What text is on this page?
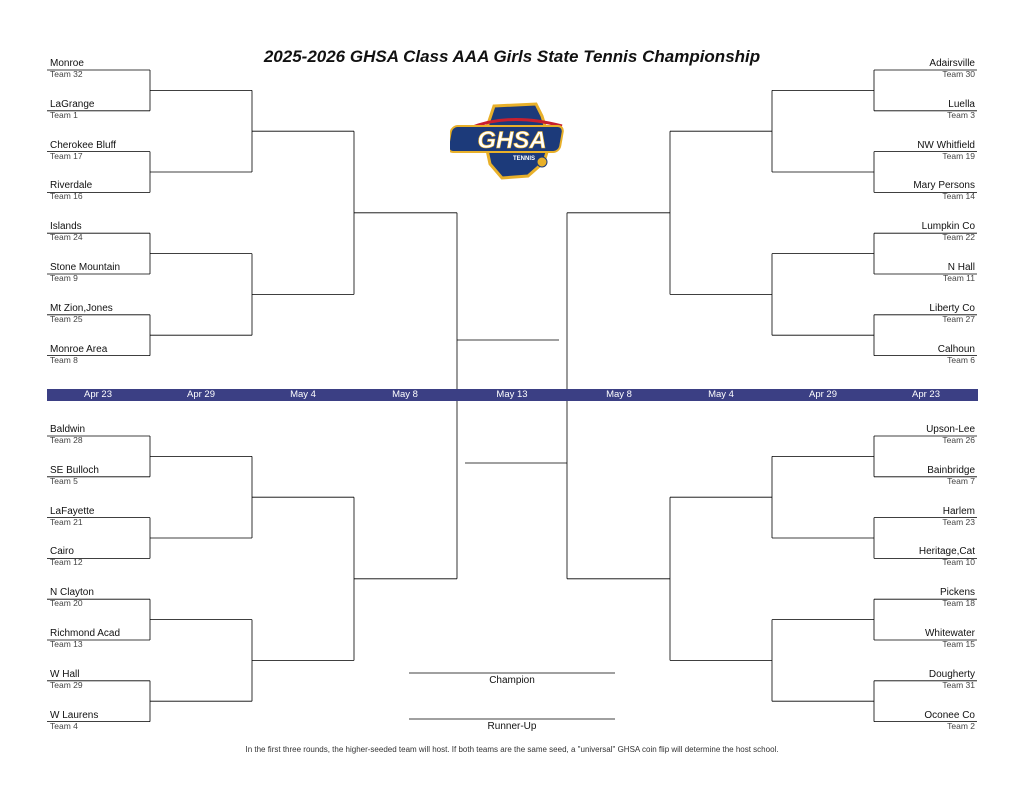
2025-2026 GHSA Class AAA Girls State Tennis Championship
GHSA
TENNIS
Monroe
Team 32
LaGrange
Team 1
Cherokee Bluff
Team 17
Riverdale
Team 16
Islands
Team 24
Stone Mountain
Team 9
Mt Zion,Jones
Team 25
Monroe Area
Team 8
Baldwin
Team 28
SE Bulloch
Team 5
LaFayette
Team 21
Cairo
Team 12
N Clayton
Team 20
Richmond Acad
Team 13
W Hall
Team 29
W Laurens
Team 4
Adairsville
Team 30
Luella
Team 3
NW Whitfield
Team 19
Mary Persons
Team 14
Lumpkin Co
Team 22
N Hall
Team 11
Liberty Co
Team 27
Calhoun
Team 6
Upson-Lee
Team 26
Bainbridge
Team 7
Harlem
Team 23
Heritage,Cat
Team 10
Pickens
Team 18
Whitewater
Team 15
Dougherty
Team 31
Oconee Co
Team 2
Apr 23	Apr 29	May 4	May 8	May 13	May 8	May 4	Apr 29	Apr 23
Champion
Runner-Up
In the first three rounds, the higher-seeded team will host. If both teams are the same seed, a "universal" GHSA coin flip will determine the host school.
